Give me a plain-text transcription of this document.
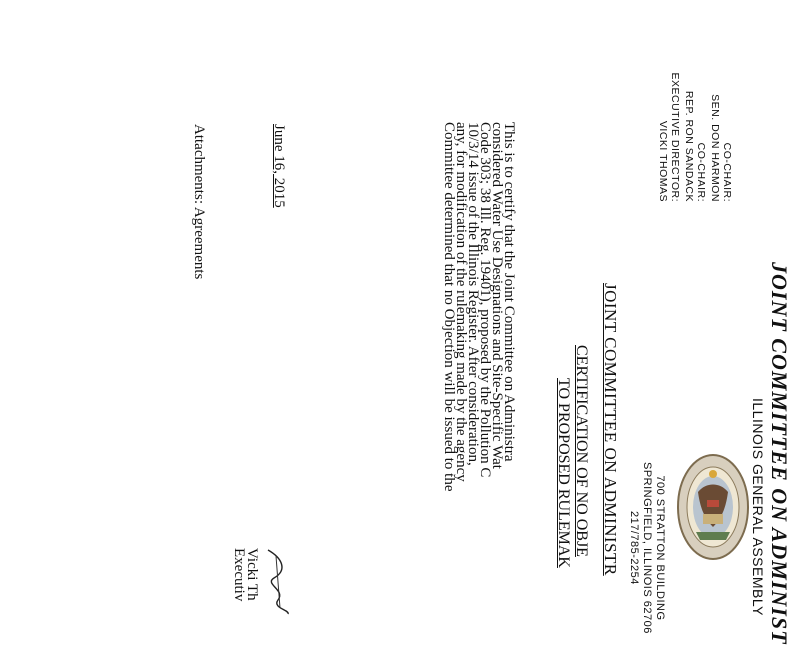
JOINT COMMITTEE ON ADMINIST
ILLINOIS GENERAL ASSEMBLY
700 STRATTON BUILDING
SPRINGFIELD, ILLINOIS 62706
217/785-2254
CO-CHAIR:
SEN. DON HARMON
CO-CHAIR:
REP. RON SANDACK
EXECUTIVE DIRECTOR:
VICKI THOMAS
JOINT COMMITTEE ON ADMINISTR
CERTIFICATION OF NO OBJE
TO PROPOSED RULEMAK
This is to certify that the Joint Committee on Administra
considered Water Use Designations and Site-Specific Wat
Code 303; 38 Ill. Reg. 19401), proposed by the Pollution C
10/3/14 issue of the Illinois Register. After consideration,
any, for modification of the rulemaking made by the agency
Committee determined that no Objection will be issued to the
June 16, 2015
Attachments: Agreements
Vicki Th
Executiv
